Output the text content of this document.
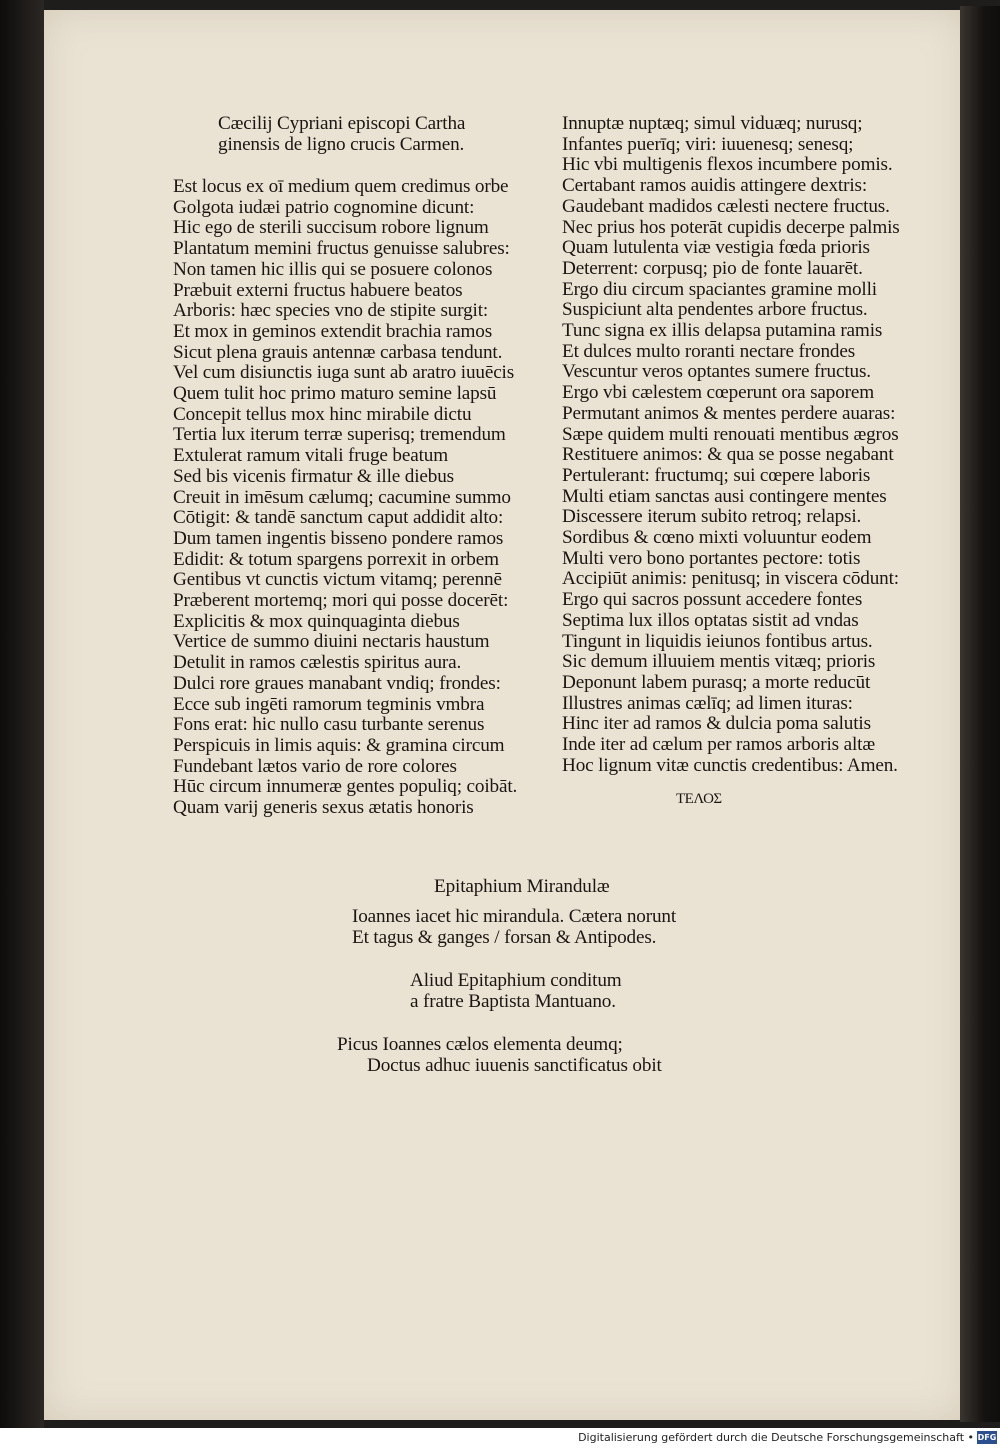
Cæcilij Cypriani episcopi Cartha
ginensis de ligno crucis Carmen.
Est locus ex oī medium quem credimus orbe
Golgota iudæi patrio cognomine dicunt:
Hic ego de sterili succisum robore lignum
Plantatum memini fructus genuisse salubres:
Non tamen hic illis qui se posuere colonos
Præbuit externi fructus habuere beatos
Arboris: hæc species vno de stipite surgit:
Et mox in geminos extendit brachia ramos
Sicut plena grauis antennæ carbasa tendunt.
Vel cum disiunctis iuga sunt ab aratro iuuēcis
Quem tulit hoc primo maturo semine lapsū
Concepit tellus mox hinc mirabile dictu
Tertia lux iterum terræ superisq; tremendum
Extulerat ramum vitali fruge beatum
Sed bis vicenis firmatur & ille diebus
Creuit in imēsum cælumq; cacumine summo
Cōtigit: & tandē sanctum caput addidit alto:
Dum tamen ingentis bisseno pondere ramos
Edidit: & totum spargens porrexit in orbem
Gentibus vt cunctis victum vitamq; perennē
Præberent mortemq; mori qui posse docerēt:
Explicitis & mox quinquaginta diebus
Vertice de summo diuini nectaris haustum
Detulit in ramos cælestis spiritus aura.
Dulci rore graues manabant vndiq; frondes:
Ecce sub ingēti ramorum tegminis vmbra
Fons erat: hic nullo casu turbante serenus
Perspicuis in limis aquis: & gramina circum
Fundebant lætos vario de rore colores
Hūc circum innumeræ gentes populiq; coibāt.
Quam varij generis sexus ætatis honoris
Innuptæ nuptæq; simul viduæq; nurusq;
Infantes puerīq; viri: iuuenesq; senesq;
Hic vbi multigenis flexos incumbere pomis.
Certabant ramos auidis attingere dextris:
Gaudebant madidos cælesti nectere fructus.
Nec prius hos poterāt cupidis decerpe palmis
Quam lutulenta viæ vestigia fœda prioris
Deterrent: corpusq; pio de fonte lauarēt.
Ergo diu circum spaciantes gramine molli
Suspiciunt alta pendentes arbore fructus.
Tunc signa ex illis delapsa putamina ramis
Et dulces multo roranti nectare frondes
Vescuntur veros optantes sumere fructus.
Ergo vbi cælestem cœperunt ora saporem
Permutant animos & mentes perdere auaras:
Sæpe quidem multi renouati mentibus ægros
Restituere animos: & qua se posse negabant
Pertulerant: fructumq; sui cœpere laboris
Multi etiam sanctas ausi contingere mentes
Discessere iterum subito retroq; relapsi.
Sordibus & cœno mixti voluuntur eodem
Multi vero bono portantes pectore: totis
Accipiūt animis: penitusq; in viscera cōdunt:
Ergo qui sacros possunt accedere fontes
Septima lux illos optatas sistit ad vndas
Tingunt in liquidis ieiunos fontibus artus.
Sic demum illuuiem mentis vitæq; prioris
Deponunt labem purasq; a morte reducūt
Illustres animas cælīq; ad limen ituras:
Hinc iter ad ramos & dulcia poma salutis
Inde iter ad cælum per ramos arboris altæ
Hoc lignum vitæ cunctis credentibus: Amen.
ΤΕΛΟΣ
Epitaphium Mirandulæ
Ioannes iacet hic mirandula. Cætera norunt
Et tagus & ganges / forsan & Antipodes.
Aliud Epitaphium conditum
a fratre Baptista Mantuano.
Picus Ioannes cælos elementa deumq;
Doctus adhuc iuuenis sanctificatus obit
Digitalisierung gefördert durch die Deutsche Forschungsgemeinschaft • DFG
